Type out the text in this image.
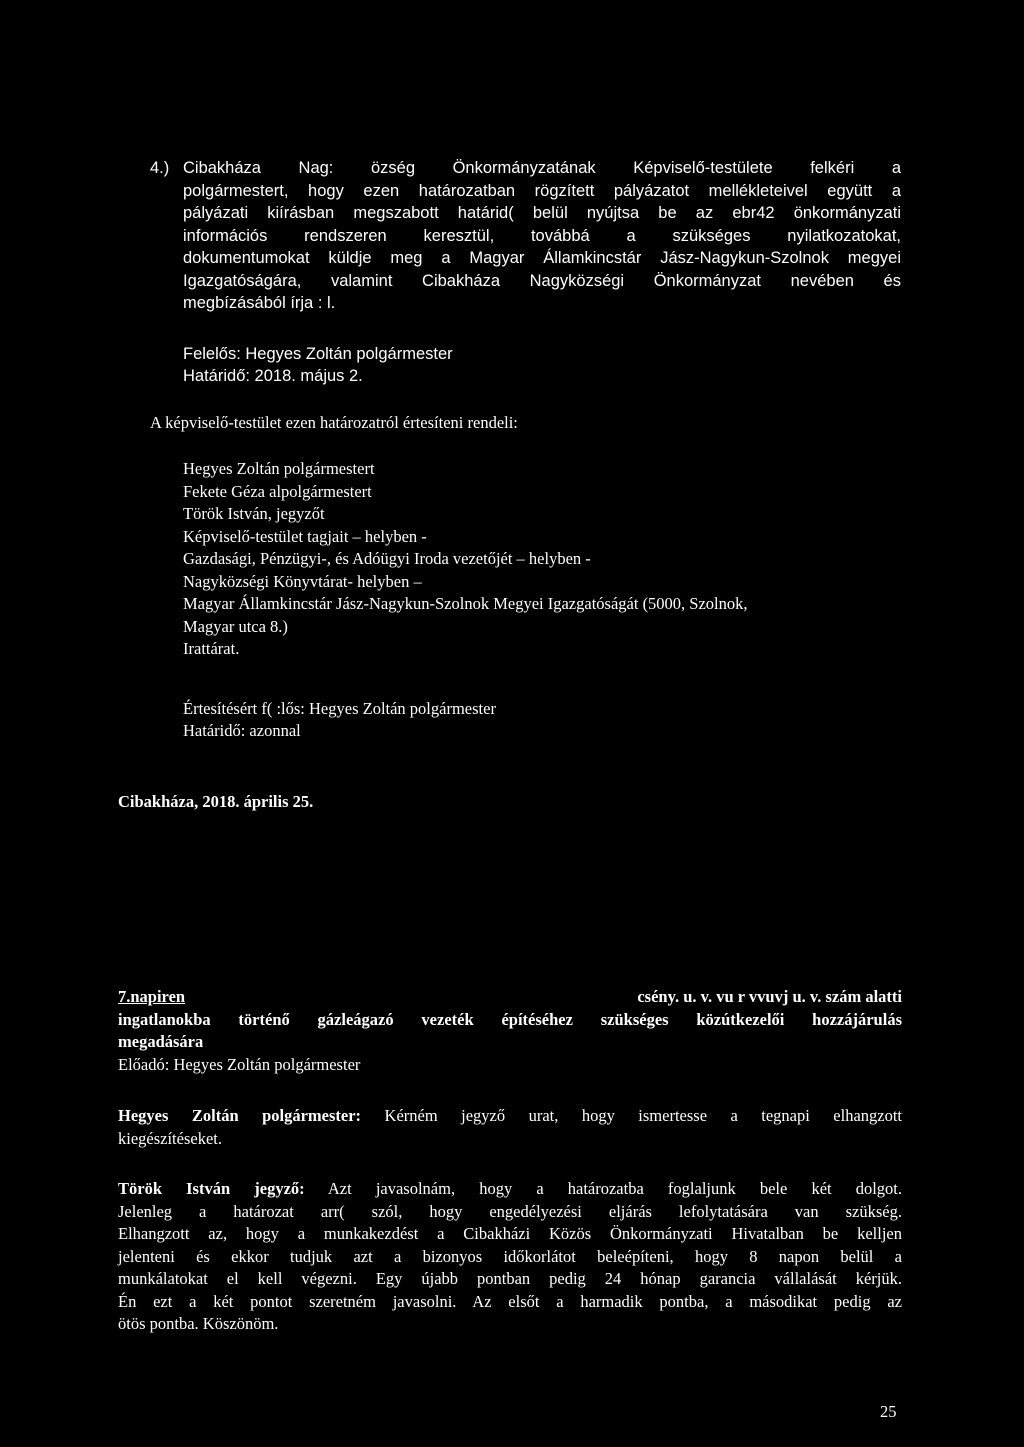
4.) Cibakháza Nag: özség Önkormányzatának Képviselő-testülete felkéri a
polgármestert, hogy ezen határozatban rögzített pályázatot mellékleteivel együtt a
pályázati kiírásban megszabott határid( belül nyújtsa be az ebr42 önkormányzati
információs rendszeren keresztül, továbbá a szükséges nyilatkozatokat,
dokumentumokat küldje meg a Magyar Államkincstár Jász-Nagykun-Szolnok megyei
Igazgatóságára, valamint Cibakháza Nagyközségi Önkormányzat nevében és
megbízásából írja : l.
Felelős: Hegyes Zoltán polgármester
Határidő: 2018. május 2.
A képviselő-testület ezen határozatról értesíteni rendeli:
Hegyes Zoltán polgármestert
Fekete Géza alpolgármestert
Török István, jegyzőt
Képviselő-testület tagjait – helyben -
Gazdasági, Pénzügyi-, és Adóügyi Iroda vezetőjét – helyben -
Nagyközségi Könyvtárat- helyben –
Magyar Államkincstár Jász-Nagykun-Szolnok Megyei Igazgatóságát (5000, Szolnok,
Magyar utca 8.)
Irattárat.
Értesítésért f( :lős: Hegyes Zoltán polgármester
Határidő: azonnal
Cibakháza, 2018. április 25.
7.napiren	csény. u. v. vu r vvuvj u. v. szám alatti
ingatlanokba történő gázleágazó vezeték építéséhez szükséges közútkezelői hozzájárulás
megadására
Előadó: Hegyes Zoltán polgármester
Hegyes Zoltán polgármester: Kérném jegyző urat, hogy ismertesse a tegnapi elhangzott
kiegészítéseket.
Török István jegyző: Azt javasolnám, hogy a határozatba foglaljunk bele két dolgot.
Jelenleg a határozat arr( szól, hogy engedélyezési eljárás lefolytatására van szükség.
Elhangzott az, hogy a munkakezdést a Cibakházi Közös Önkormányzati Hivatalban be kelljen
jelenteni és ekkor tudjuk azt a bizonyos időkorlátot beleépíteni, hogy 8 napon belül a
munkálatokat el kell végezni. Egy újabb pontban pedig 24 hónap garancia vállalását kérjük.
Én ezt a két pontot szeretném javasolni. Az elsőt a harmadik pontba, a másodikat pedig az
ötös pontba. Köszönöm.
25
